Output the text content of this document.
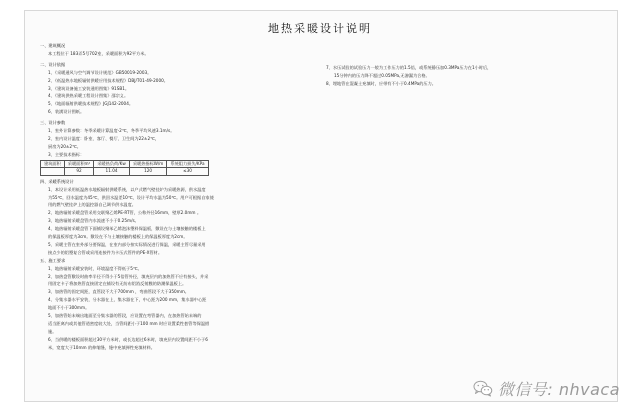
地热采暖设计说明
一、建筑概况
本工程位于 183弄5号702室，采暖面积为92平方米。
二、设计依据
1、《采暖通风与空气调节设计规范》GB50019-2003。
2、《低温热水地板辐射供暖应用技术规程》DBJ/T01-49-2000。
3、《建筑设备施工安装通用图集》91SB1。
4、《建筑供热采暖工程设计图集》邵宗义。
5、《地面辐射供暖技术规程》JGJ142-2004。
6、装潢设计图纸。
三、设计参数
1、室外计算参数：冬季采暖计算温度-2℃，冬季平均风速3.1m/s。
2、室内设计温度：卧室、客厅、餐厅、卫生间为22±2℃，
厨房为20±2℃。
3、主要技术指标：
建筑面积	采暖面积m²	采暖热负荷/Kw	采暖热指标W/m	系统阻力损失/KPa
	92	11.04	120	≤30
四、采暖系统设计
1、本设计采用低温热水地板辐射供暖系统，以户式燃气壁挂炉为采暖热源，供水温度
为55℃，回水温度为45℃，供回水温差10℃，设计平均水温为50℃。用户可根据自家使
用的燃气壁挂炉上的温控器自己调节供水温度。
2、地热辐射采暖盘管采用交联聚乙烯PE-RT管，公称外径16mm，壁厚2.0mm 。
3、地热辐射采暖盘管内水流速不小于0.25m/s。
4、地热辐射采暖盘管下面铺设聚苯乙烯泡沫塑料保温板，敷设在与土壤接触的楼板上
的保温板厚度为3cm。敷设在不与土壤接触的楼板上的保温板厚度为2cm。
5、采暖主管在室外部分要保温，在室内部分按实际情况进行保温，采暖主管尽量采用
接点少的铝塑复合管或采用连接件为卡压式管件的PE-X管材。
五、施工要求
1、地热辐射采暖安装时，环境温度不得低于5℃。
2、加热盘管敷设时曲率半径不得小于5倍管外径，填充层内的加热管不应有接头，并采
用固定卡子将加热管直接固定在铺设有无纺布铝箔反射膜的防潮保温板上。
3、加热管的固定间距，直管段不大于700mm ，弯曲管段不大于350mm。
4、分集水器水平安装，分水器在上，集水器在下，中心距为200 mm，集水器中心距
地面不小于300mm。
5、加热管始末端出地面至分集水器的管段，应设置在弯管器内，在加热管始末端的
适当距离内或其他管道密度较大处，当管间距小于100 mm 时应设置柔性套管等保温措
施。
6、当供暖的楼板面积超过30平方米时，或长边超过6米时，填充层内设置间距不小于6
米，宽度大于10mm 的伸缩缝，缝中充填弹性充填材料。
7、水压试验的试验压力一般为工作压力的1.5倍，或系统静压加0.3MPa压力在1小时后，
15分钟内的压力降不超过0.05MPa,无渗漏为合格。
8、埋地管在混凝土充填时，应带有不小于0.4MPa的压力。
微信号: nhvaca
